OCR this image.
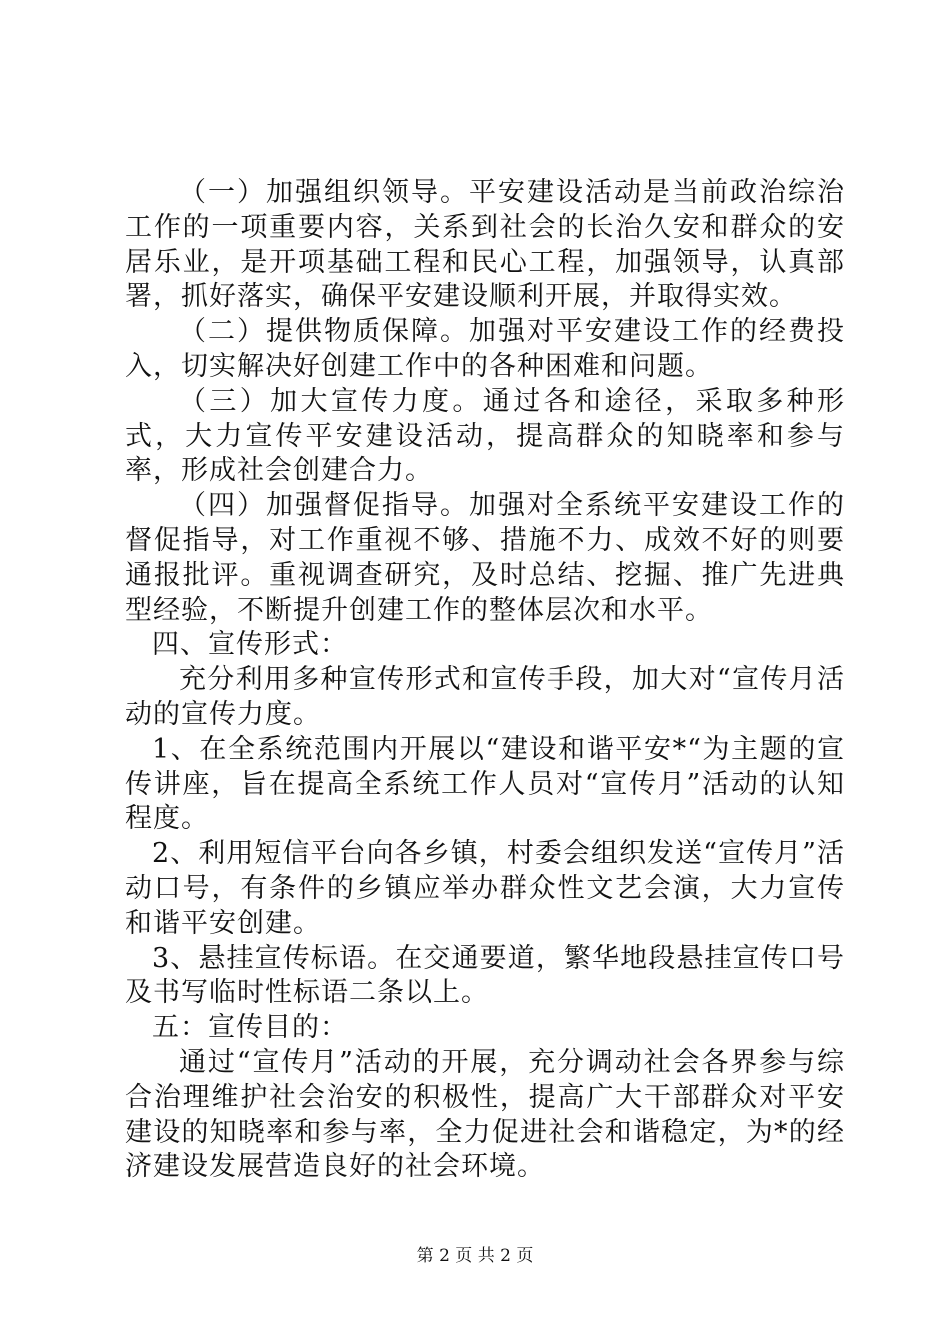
（一）加强组织领导。平安建设活动是当前政治综治工作的一项重要内容，关系到社会的长治久安和群众的安居乐业，是开项基础工程和民心工程，加强领导，认真部署，抓好落实，确保平安建设顺利开展，并取得实效。

（二）提供物质保障。加强对平安建设工作的经费投入，切实解决好创建工作中的各种困难和问题。

（三）加大宣传力度。通过各和途径，采取多种形式，大力宣传平安建设活动，提高群众的知晓率和参与率，形成社会创建合力。

（四）加强督促指导。加强对全系统平安建设工作的督促指导，对工作重视不够、措施不力、成效不好的则要通报批评。重视调查研究，及时总结、挖掘、推广先进典型经验，不断提升创建工作的整体层次和水平。

四、宣传形式：

充分利用多种宣传形式和宣传手段，加大对“宣传月活动的宣传力度。

1、在全系统范围内开展以“建设和谐平安*“为主题的宣传讲座，旨在提高全系统工作人员对“宣传月”活动的认知程度。

2、利用短信平台向各乡镇，村委会组织发送“宣传月”活动口号，有条件的乡镇应举办群众性文艺会演，大力宣传和谐平安创建。

3、悬挂宣传标语。在交通要道，繁华地段悬挂宣传口号及书写临时性标语二条以上。

五：宣传目的：

通过“宣传月”活动的开展，充分调动社会各界参与综合治理维护社会治安的积极性，提高广大干部群众对平安建设的知晓率和参与率，全力促进社会和谐稳定，为*的经济建设发展营造良好的社会环境。

第 2 页 共 2 页
